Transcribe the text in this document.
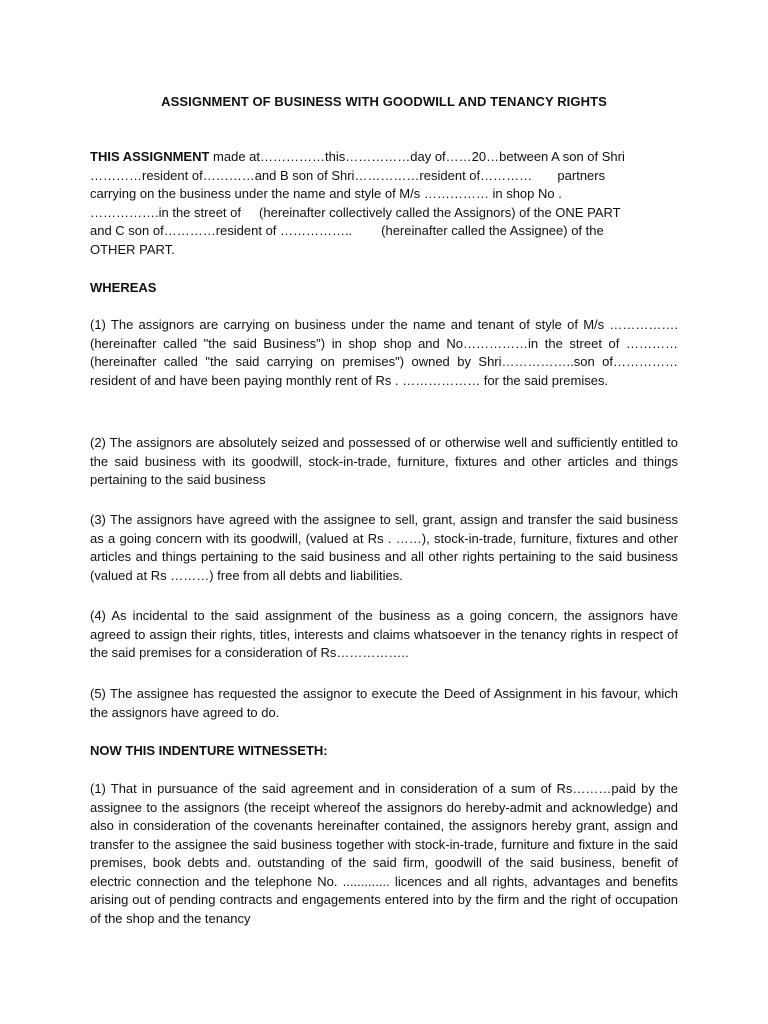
ASSIGNMENT OF BUSINESS WITH GOODWILL AND TENANCY RIGHTS
THIS ASSIGNMENT made at……………this……………day of……20…between A son of Shri
…………resident of…………and B son of Shri……………resident of…………       partners
carrying on the business under the name and style of M/s …………… in shop No .
…………….in the street of     (hereinafter collectively called the Assignors) of the ONE PART
and C son of…………resident of ……………..        (hereinafter called the Assignee) of the
OTHER PART.
WHEREAS

(1) The assignors are carrying on business under the name and tenant of style of M/s …………….(hereinafter called "the said Business") in shop shop and No……………in the street of …………(hereinafter called "the said carrying on premises") owned by Shri……………..son of……………resident of and have been paying monthly rent of Rs . ……………… for the said premises.

(2) The assignors are absolutely seized and possessed of or otherwise well and sufficiently entitled to the said business with its goodwill, stock-in-trade, furniture, fixtures and other articles and things pertaining to the said business

(3) The assignors have agreed with the assignee to sell, grant, assign and transfer the said business as a going concern with its goodwill, (valued at Rs . ……), stock-in-trade, furniture, fixtures and other articles and things pertaining to the said business and all other rights pertaining to the said business (valued at Rs ………) free from all debts and liabilities.

(4) As incidental to the said assignment of the business as a going concern, the assignors have agreed to assign their rights, titles, interests and claims whatsoever in the tenancy rights in respect of the said premises for a consideration of Rs……………..

(5) The assignee has requested the assignor to execute the Deed of Assignment in his favour, which the assignors have agreed to do.

NOW THIS INDENTURE WITNESSETH:

(1) That in pursuance of the said agreement and in consideration of a sum of Rs………paid by the assignee to the assignors (the receipt whereof the assignors do hereby-admit and acknowledge) and also in consideration of the covenants hereinafter contained, the assignors hereby grant, assign and transfer to the assignee the said business together with stock-in-trade, furniture and fixture in the said premises, book debts and. outstanding of the said firm, goodwill of the said business, benefit of electric connection and the telephone No. ............. licences and all rights, advantages and benefits arising out of pending contracts and engagements entered into by the firm and the right of occupation of the shop and the tenancy
